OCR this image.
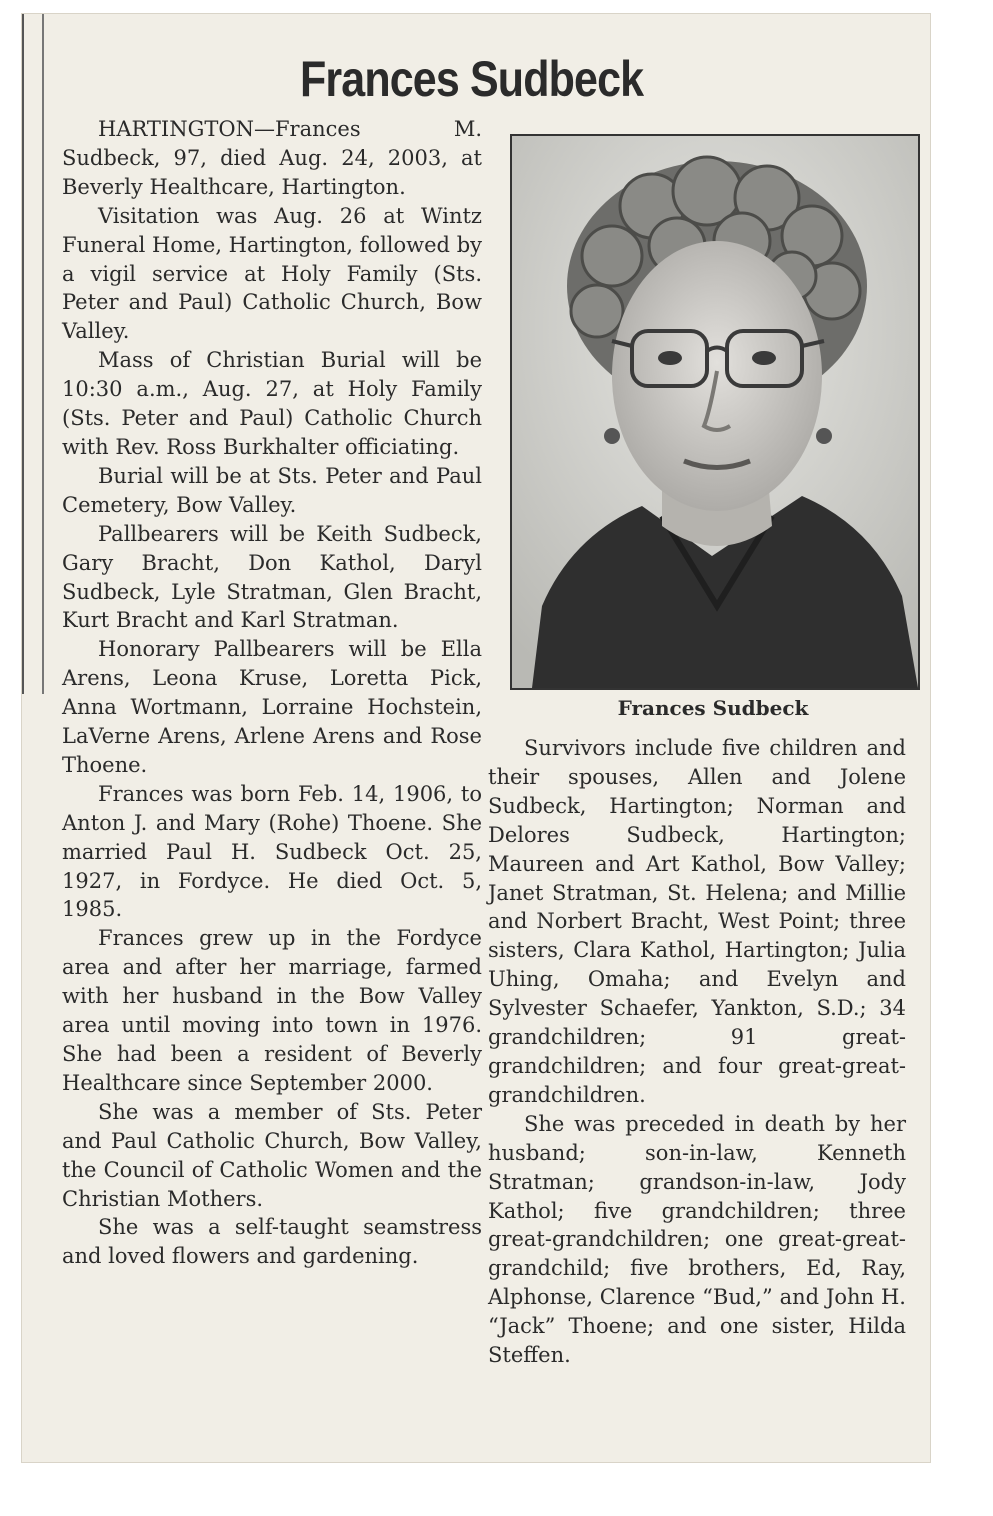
Frances Sudbeck

HARTINGTON—Frances M. Sudbeck, 97, died Aug. 24, 2003, at Beverly Healthcare, Hartington.

Visitation was Aug. 26 at Wintz Funeral Home, Hartington, followed by a vigil service at Holy Family (Sts. Peter and Paul) Catholic Church, Bow Valley.

Mass of Christian Burial will be 10:30 a.m., Aug. 27, at Holy Family (Sts. Peter and Paul) Catholic Church with Rev. Ross Burkhalter officiating.

Burial will be at Sts. Peter and Paul Cemetery, Bow Valley.

Pallbearers will be Keith Sudbeck, Gary Bracht, Don Kathol, Daryl Sudbeck, Lyle Stratman, Glen Bracht, Kurt Bracht and Karl Stratman.

Honorary Pallbearers will be Ella Arens, Leona Kruse, Loretta Pick, Anna Wortmann, Lorraine Hochstein, LaVerne Arens, Arlene Arens and Rose Thoene.

Frances was born Feb. 14, 1906, to Anton J. and Mary (Rohe) Thoene. She married Paul H. Sudbeck Oct. 25, 1927, in Fordyce. He died Oct. 5, 1985.

Frances grew up in the Fordyce area and after her marriage, farmed with her husband in the Bow Valley area until moving into town in 1976. She had been a resident of Beverly Healthcare since September 2000.

She was a member of Sts. Peter and Paul Catholic Church, Bow Valley, the Council of Catholic Women and the Christian Mothers.

She was a self-taught seamstress and loved flowers and gardening.

Frances Sudbeck

Survivors include five children and their spouses, Allen and Jolene Sudbeck, Hartington; Norman and Delores Sudbeck, Hartington; Maureen and Art Kathol, Bow Valley; Janet Stratman, St. Helena; and Millie and Norbert Bracht, West Point; three sisters, Clara Kathol, Hartington; Julia Uhing, Omaha; and Evelyn and Sylvester Schaefer, Yankton, S.D.; 34 grandchildren; 91 great-grandchildren; and four great-great-grandchildren.

She was preceded in death by her husband; son-in-law, Kenneth Stratman; grandson-in-law, Jody Kathol; five grandchildren; three great-grandchildren; one great-great-grandchild; five brothers, Ed, Ray, Alphonse, Clarence “Bud,” and John H. “Jack” Thoene; and one sister, Hilda Steffen.
